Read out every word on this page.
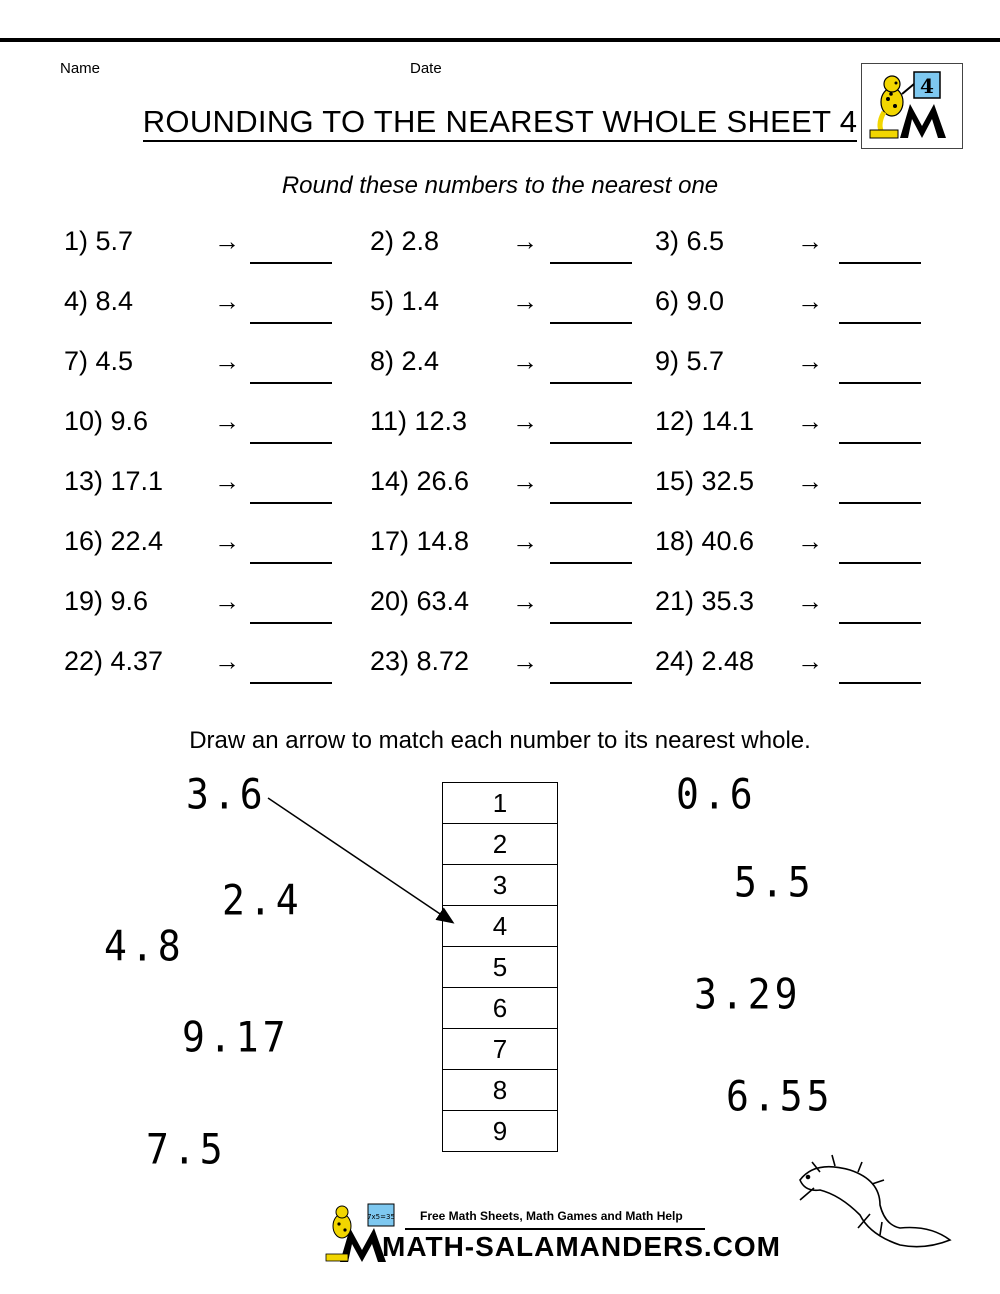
Name	Date
ROUNDING TO THE NEAREST WHOLE SHEET 4
4
Round these numbers to the nearest one
1) 5.7	→	2) 2.8	→	3) 6.5	→
4) 8.4	→	5) 1.4	→	6) 9.0	→
7) 4.5	→	8) 2.4	→	9) 5.7	→
10) 9.6	→	11) 12.3 →	12) 14.1 →
13) 17.1 →	14) 26.6 →	15) 32.5 →
16) 22.4 →	17) 14.8 →	18) 40.6 →
19) 9.6	→	20) 63.4 →	21) 35.3 →
22) 4.37 →	23) 8.72 →	24) 2.48 →
Draw an arrow to match each number to its nearest whole.
1
2
3
4
5
6
7
8
9
3.6
2.4
4.8
9.17
7.5
0.6
5.5
3.29
6.55
7x5=35 Free Math Sheets, Math Games and Math Help
MATH-SALAMANDERS.COM
